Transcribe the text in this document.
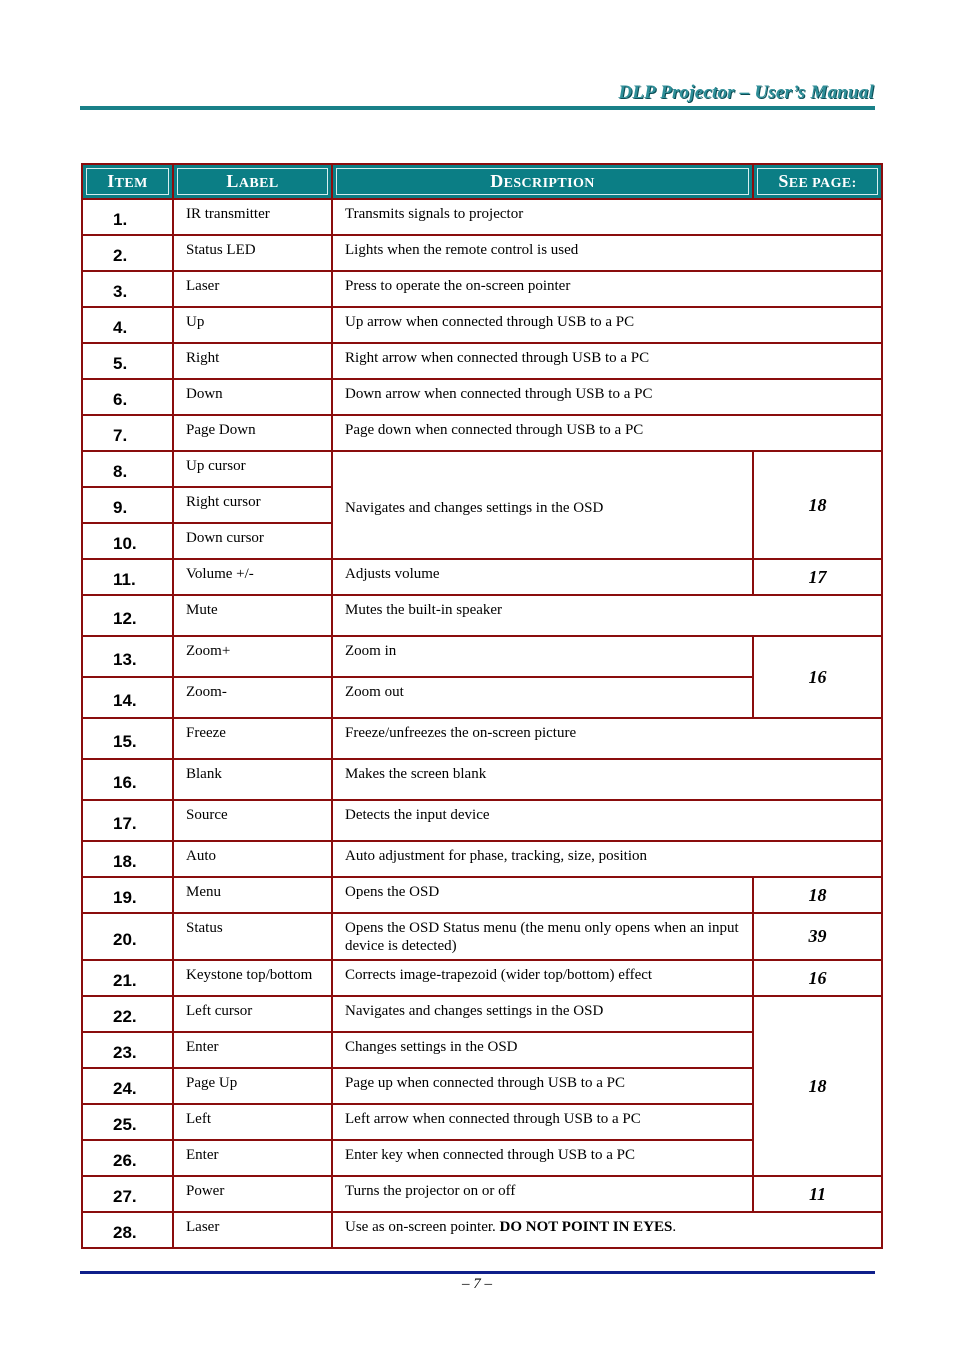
DLP Projector – User’s Manual
ITEM	LABEL	DESCRIPTION	SEE PAGE:
1.	IR transmitter	Transmits signals to projector	
2.	Status LED	Lights when the remote control is used	
3.	Laser	Press to operate the on-screen pointer	
4.	Up	Up arrow when connected through USB to a PC	
5.	Right	Right arrow when connected through USB to a PC	
6.	Down	Down arrow when connected through USB to a PC	
7.	Page Down	Page down when connected through USB to a PC	
8.	Up cursor	Navigates and changes settings in the OSD	18
9.	Right cursor		
10.	Down cursor		
11.	Volume +/-	Adjusts volume	17
12.	Mute	Mutes the built-in speaker	
13.	Zoom+	Zoom in	16
14.	Zoom-	Zoom out	
15.	Freeze	Freeze/unfreezes the on-screen picture	
16.	Blank	Makes the screen blank	
17.	Source	Detects the input device	
18.	Auto	Auto adjustment for phase, tracking, size, position	
19.	Menu	Opens the OSD	18
20.	Status	Opens the OSD Status menu (the menu only opens when an input device is detected)	39
21.	Keystone top/bottom	Corrects image-trapezoid (wider top/bottom) effect	16
22.	Left cursor	Navigates and changes settings in the OSD	18
23.	Enter	Changes settings in the OSD	
24.	Page Up	Page up when connected through USB to a PC	
25.	Left	Left arrow when connected through USB to a PC	
26.	Enter	Enter key when connected through USB to a PC	
27.	Power	Turns the projector on or off	11
28.	Laser	Use as on-screen pointer. DO NOT POINT IN EYES.	
– 7 –
